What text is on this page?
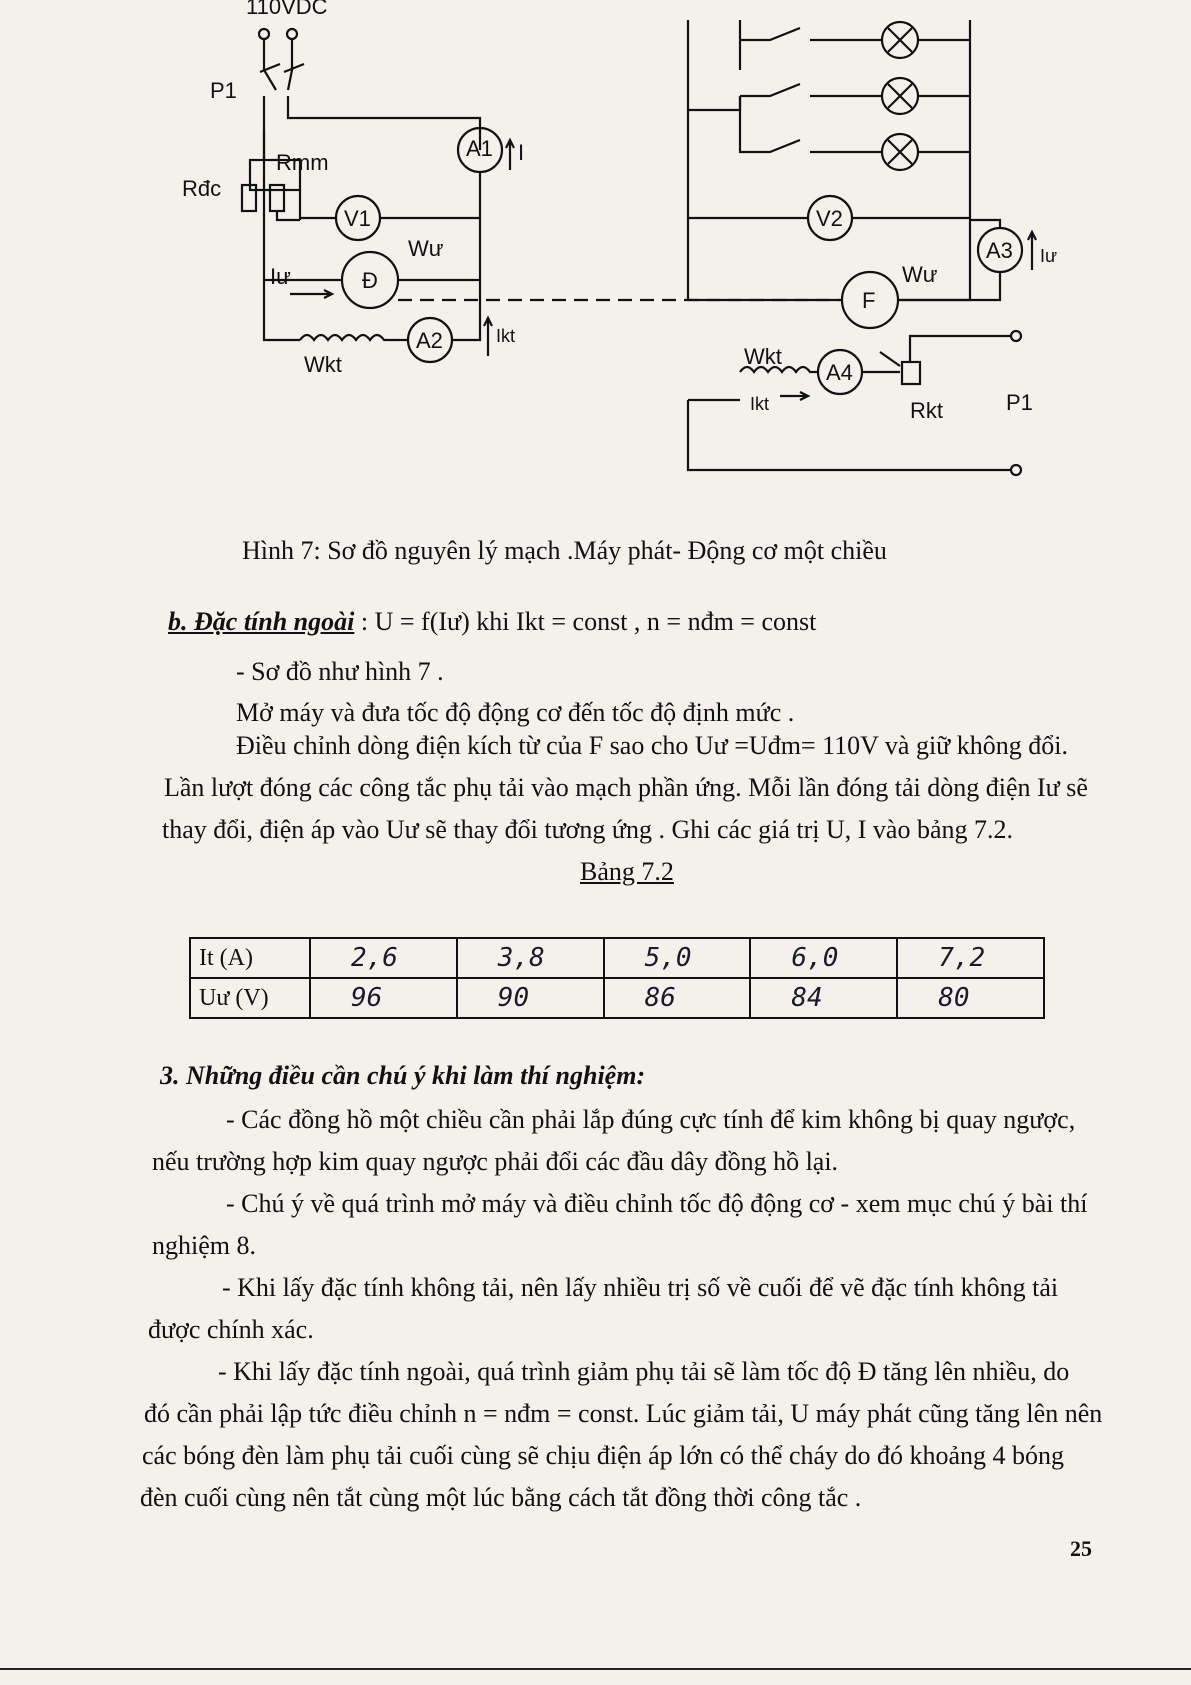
110VDC
P1
Rđc
Rmm
A1 I
V1
Đ
Wư
Iư
A2	Ikt
Wkt
V2
A3 Iư
F
Wư
Wkt
Ikt
A4
Rkt	P1
Hình 7: Sơ đồ nguyên lý mạch .Máy phát- Động cơ một chiều
b. Đặc tính ngoài : U = f(Iư) khi Ikt = const , n = nđm = const
- Sơ đồ như hình 7 .
Mở máy và đưa tốc độ động cơ đến tốc độ định mức .
Điều chỉnh dòng điện kích từ của F sao cho Uư =Uđm= 110V và giữ không đổi.
Lần lượt đóng các công tắc phụ tải vào mạch phần ứng. Mỗi lần đóng tải dòng điện Iư sẽ
thay đổi, điện áp vào Uư sẽ thay đổi tương ứng . Ghi các giá trị U, I vào bảng 7.2.
Bảng 7.2
It (A)	2,6	3,8	5,0	6,0	7,2
Uư (V)	96	90	86	84	80
3. Những điều cần chú ý khi làm thí nghiệm:
- Các đồng hồ một chiều cần phải lắp đúng cực tính để kim không bị quay ngược,
nếu trường hợp kim quay ngược phải đổi các đầu dây đồng hồ lại.
- Chú ý về quá trình mở máy và điều chỉnh tốc độ động cơ - xem mục chú ý bài thí
nghiệm 8.
- Khi lấy đặc tính không tải, nên lấy nhiều trị số về cuối để vẽ đặc tính không tải
được chính xác.
- Khi lấy đặc tính ngoài, quá trình giảm phụ tải sẽ làm tốc độ Đ tăng lên nhiều, do
đó cần phải lập tức điều chỉnh n = nđm = const. Lúc giảm tải, U máy phát cũng tăng lên nên
các bóng đèn làm phụ tải cuối cùng sẽ chịu điện áp lớn có thể cháy do đó khoảng 4 bóng
đèn cuối cùng nên tắt cùng một lúc bằng cách tắt đồng thời công tắc .
25
